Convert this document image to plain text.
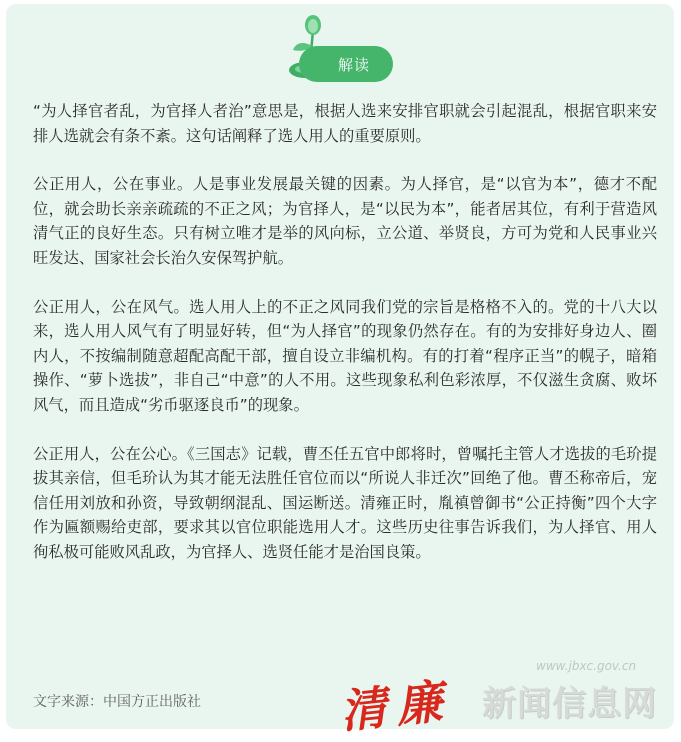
解读

“为人择官者乱，为官择人者治”意思是，根据人选来安排官职就会引起混乱，根据官职来安排人选就会有条不紊。这句话阐释了选人用人的重要原则。

公正用人，公在事业。人是事业发展最关键的因素。为人择官，是“以官为本”，德才不配位，就会助长亲亲疏疏的不正之风；为官择人，是“以民为本”，能者居其位，有利于营造风清气正的良好生态。只有树立唯才是举的风向标，立公道、举贤良，方可为党和人民事业兴旺发达、国家社会长治久安保驾护航。

公正用人，公在风气。选人用人上的不正之风同我们党的宗旨是格格不入的。党的十八大以来，选人用人风气有了明显好转，但“为人择官”的现象仍然存在。有的为安排好身边人、圈内人，不按编制随意超配高配干部，擅自设立非编机构。有的打着“程序正当”的幌子，暗箱操作、“萝卜选拔”，非自己“中意”的人不用。这些现象私利色彩浓厚，不仅滋生贪腐、败坏风气，而且造成“劣币驱逐良币”的现象。

公正用人，公在公心。《三国志》记载，曹丕任五官中郎将时，曾嘱托主管人才选拔的毛玠提拔其亲信，但毛玠认为其才能无法胜任官位而以“所说人非迁次”回绝了他。曹丕称帝后，宠信任用刘放和孙资，导致朝纲混乱、国运断送。清雍正时，胤禛曾御书“公正持衡”四个大字作为匾额赐给吏部，要求其以官位职能选用人才。这些历史往事告诉我们，为人择官、用人徇私极可能败风乱政，为官择人、选贤任能才是治国良策。

文字来源：中国方正出版社
www.jbxc.gov.cn
清廉 新闻信息网
